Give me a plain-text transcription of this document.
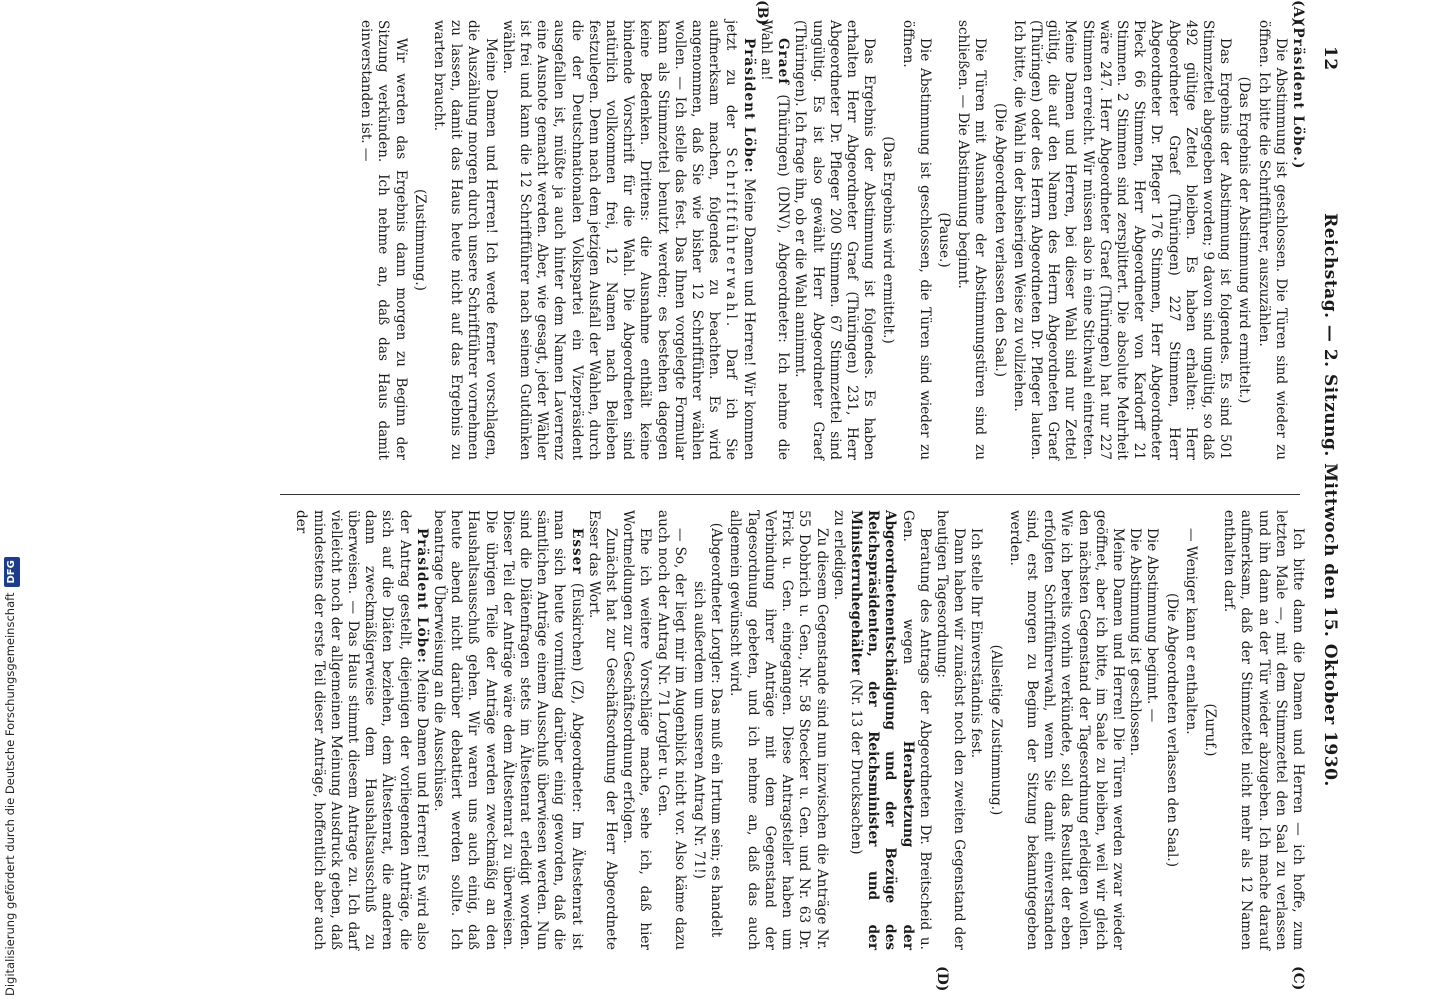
12
Reichstag. — 2. Sitzung. Mittwoch den 15. Oktober 1930.
(A)
(B)
(C)
(D)

(Präsident Löbe.)

Die Abstimmung ist geschlossen. Die Türen sind wieder zu öffnen. Ich bitte die Schriftführer, auszuzählen.

(Das Ergebnis der Abstimmung wird ermittelt.)

Das Ergebnis der Abstimmung ist folgendes. Es sind 501 Stimmzettel abgegeben worden; 9 davon sind ungültig, so daß 492 gültige Zettel bleiben. Es haben erhalten: Herr Abgeordneter Graef (Thüringen) 227 Stimmen, Herr Abgeordneter Dr. Pfleger 176 Stimmen, Herr Abgeordneter Pieck 66 Stimmen, Herr Abgeordneter von Kardorff 21 Stimmen. 2 Stimmen sind zersplittert. Die absolute Mehrheit wäre 247. Herr Abgeordneter Graef (Thüringen) hat nur 227 Stimmen erreicht. Wir müssen also in eine Stichwahl eintreten. Meine Damen und Herren, bei dieser Wahl sind nur Zettel gültig, die auf den Namen des Herrn Abgeordneten Graef (Thüringen) oder des Herrn Abgeordneten Dr. Pfleger lauten. Ich bitte, die Wahl in der bisherigen Weise zu vollziehen.

(Die Abgeordneten verlassen den Saal.)

Die Türen mit Ausnahme der Abstimmungstüren sind zu schließen. — Die Abstimmung beginnt.

(Pause.)

Die Abstimmung ist geschlossen, die Türen sind wieder zu öffnen.

(Das Ergebnis wird ermittelt.)

Das Ergebnis der Abstimmung ist folgendes. Es haben erhalten Herr Abgeordneter Graef (Thüringen) 231, Herr Abgeordneter Dr. Pfleger 200 Stimmen. 67 Stimmzettel sind ungültig. Es ist also gewählt Herr Abgeordneter Graef (Thüringen). Ich frage ihn, ob er die Wahl annimmt.

Graef (Thüringen) (DNV), Abgeordneter: Ich nehme die Wahl an!

Präsident Löbe: Meine Damen und Herren! Wir kommen jetzt zu der Schriftführerwahl. Darf ich Sie aufmerksam machen, folgendes zu beachten. Es wird angenommen, daß Sie wie bisher 12 Schriftführer wählen wollen. — Ich stelle das fest. Das Ihnen vorgelegte Formular kann als Stimmzettel benutzt werden; es bestehen dagegen keine Bedenken. Drittens: die Ausnahme enthält keine bindende Vorschrift für die Wahl. Die Abgeordneten sind natürlich vollkommen frei, 12 Namen nach Belieben festzulegen. Denn nach dem jetzigen Ausfall der Wahlen, durch die der Deutschnationalen Volkspartei ein Vizepräsident ausgefallen ist, müßte ja auch hinter dem Namen Laverrenz eine Ausnote gemacht werden. Aber, wie gesagt, jeder Wähler ist frei und kann die 12 Schriftführer nach seinem Gutdünken wählen.

Meine Damen und Herren! Ich werde ferner vorschlagen, die Auszählung morgen durch unsere Schriftführer vornehmen zu lassen, damit das Haus heute nicht auf das Ergebnis zu warten braucht.

(Zustimmung.)

Wir werden das Ergebnis dann morgen zu Beginn der Sitzung verkünden. Ich nehme an, daß das Haus damit einverstanden ist. —

Ich bitte dann die Damen und Herren — ich hoffe, zum letzten Male —, mit dem Stimmzettel den Saal zu verlassen und ihn dann an der Tür wieder abzugeben. Ich mache darauf aufmerksam, daß der Stimmzettel nicht mehr als 12 Namen enthalten darf.

(Zuruf.)

— Weniger kann er enthalten.

(Die Abgeordneten verlassen den Saal.)

Die Abstimmung beginnt. —

Die Abstimmung ist geschlossen.

Meine Damen und Herren! Die Türen werden zwar wieder geöffnet, aber ich bitte, im Saale zu bleiben, weil wir gleich den nächsten Gegenstand der Tagesordnung erledigen wollen. Wie ich bereits vorhin verkündete, soll das Resultat der eben erfolgten Schriftführerwahl, wenn Sie damit einverstanden sind, erst morgen zu Beginn der Sitzung bekanntgegeben werden.

(Allseitige Zustimmung.)

Ich stelle Ihr Einverständnis fest.

Dann haben wir zunächst noch den zweiten Gegenstand der heutigen Tagesordnung:

Beratung des Antrags der Abgeordneten Dr. Breitscheid u. Gen. wegen Herabsetzung der Abgeordnetenentschädigung und der Bezüge des Reichspräsidenten, der Reichsminister und der Ministerruhegehälter (Nr. 13 der Drucksachen)

zu erledigen.

Zu diesem Gegenstande sind nun inzwischen die Anträge Nr. 55 Dobbrich u. Gen., Nr. 58 Stoecker u. Gen. und Nr. 63 Dr. Frick u. Gen. eingegangen. Diese Antragsteller haben um Verbindung ihrer Anträge mit dem Gegenstand der Tagesordnung gebeten, und ich nehme an, daß das auch allgemein gewünscht wird.

(Abgeordneter Lorgler: Das muß ein Irrtum sein; es handelt sich außerdem um unseren Antrag Nr. 71!)

— So, der liegt mir im Augenblick nicht vor. Also käme dazu auch noch der Antrag Nr. 71 Lorgler u. Gen.

Ehe ich weitere Vorschläge mache, sehe ich, daß hier Wortmeldungen zur Geschäftsordnung erfolgen.

Zunächst hat zur Geschäftsordnung der Herr Abgeordnete Esser das Wort.

Esser (Euskirchen) (Z), Abgeordneter: Im Ältestenrat ist man sich heute vormittag darüber einig geworden, daß die sämtlichen Anträge einem Ausschuß überwiesen werden. Nun sind die Diätenfragen stets im Ältestenrat erledigt worden. Dieser Teil der Anträge wäre dem Ältestenrat zu überweisen. Die übrigen Teile der Anträge werden zweckmäßig an den Haushaltsausschuß gehen. Wir waren uns auch einig, daß heute abend nicht darüber debattiert werden sollte. Ich beantrage Überweisung an die Ausschüsse.

Präsident Löbe: Meine Damen und Herren! Es wird also der Antrag gestellt, diejenigen der vorliegenden Anträge, die sich auf die Diäten beziehen, dem Ältestenrat, die anderen dann zweckmäßigerweise dem Haushaltsausschuß zu überweisen. — Das Haus stimmt diesem Antrage zu. Ich darf vielleicht noch der allgemeinen Meinung Ausdruck geben, daß mindestens der erste Teil dieser Anträge, hoffentlich aber auch der

Digitalisierung gefördert durch die Deutsche ForschungsgemeinschaftDFG
